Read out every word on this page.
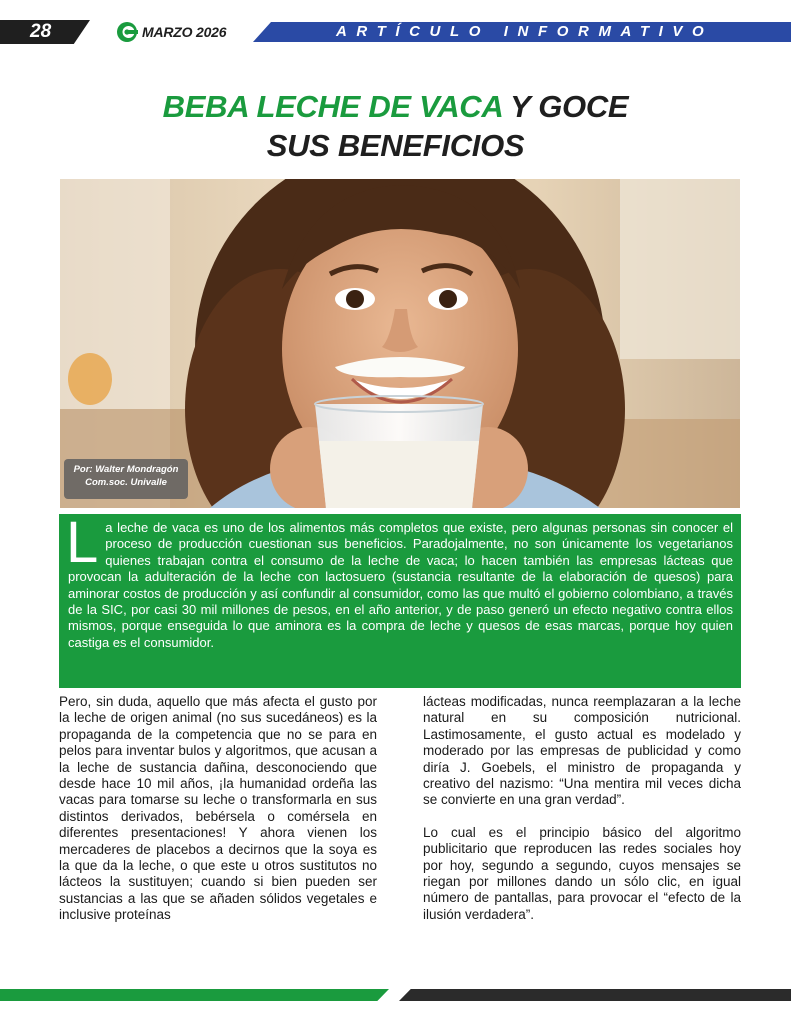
28	MARZO 2026	ARTÍCULO INFORMATIVO
BEBA LECHE DE VACA Y GOCE
SUS BENEFICIOS
Por: Walter Mondragón
Com.soc. Univalle
La leche de vaca es uno de los alimentos más completos que existe, pero algunas personas sin conocer el proceso de producción cuestionan sus beneficios. Paradojalmente, no son únicamente los vegetarianos quienes trabajan contra el consumo de la leche de vaca; lo hacen también las empresas lácteas que provocan la adulteración de la leche con lactosuero (sustancia resultante de la elaboración de quesos) para aminorar costos de producción y así confundir al consumidor, como las que multó el gobierno colombiano, a través de la SIC, por casi 30 mil millones de pesos, en el año anterior, y de paso generó un efecto negativo contra ellos mismos, porque enseguida lo que aminora es la compra de leche y quesos de esas marcas, porque hoy quien castiga es el consumidor.

Pero, sin duda, aquello que más afecta el gusto por la leche de origen animal (no sus sucedáneos) es la propaganda de la competencia que no se para en pelos para inventar bulos y algoritmos, que acusan a la leche de sustancia dañina, desconociendo que desde hace 10 mil años, ¡la humanidad ordeña las vacas para tomarse su leche o transformarla en sus distintos derivados, bebérsela o comérsela en diferentes presentaciones! Y ahora vienen los mercaderes de placebos a decirnos que la soya es la que da la leche, o que este u otros sustitutos no lácteos la sustituyen; cuando si bien pueden ser sustancias a las que se añaden sólidos vegetales e inclusive proteínas

lácteas modificadas, nunca reemplazaran a la leche natural en su composición nutricional. Lastimosamente, el gusto actual es modelado y moderado por las empresas de publicidad y como diría J. Goebels, el ministro de propaganda y creativo del nazismo: “Una mentira mil veces dicha se convierte en una gran verdad”.

Lo cual es el principio básico del algoritmo publicitario que reproducen las redes sociales hoy por hoy, segundo a segundo, cuyos mensajes se riegan por millones dando un sólo clic, en igual número de pantallas, para provocar el “efecto de la ilusión verdadera”.
